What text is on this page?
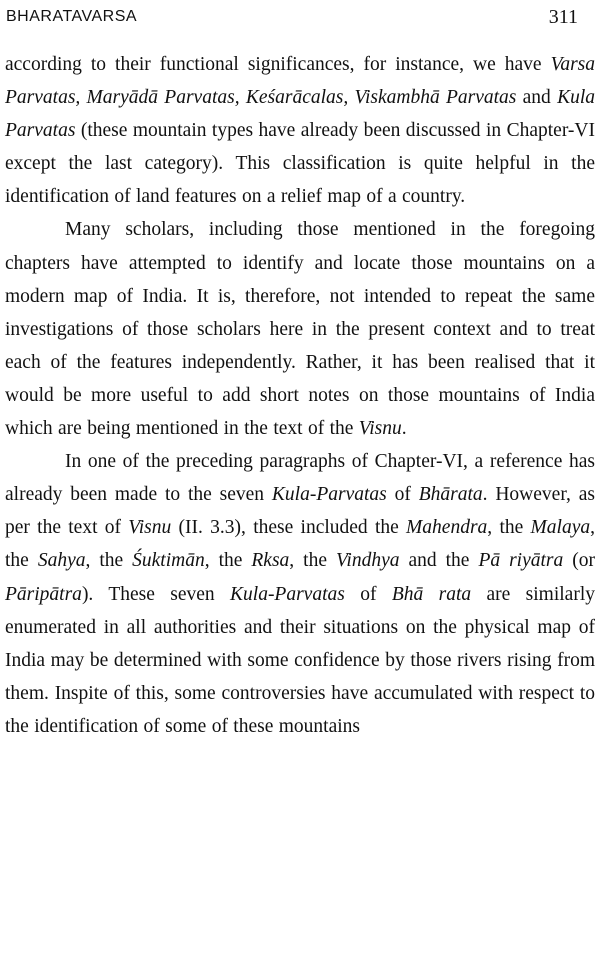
BHARATAVARSA	311

according to their functional significances, for instance, we have Varsa Parvatas, Maryādā Parvatas, Keśarācalas, Viskambhā Parvatas and Kula Parvatas (these mountain types have already been discussed in Chapter-VI except the last category). This classification is quite helpful in the identification of land features on a relief map of a country.

Many scholars, including those mentioned in the foregoing chapters have attempted to identify and locate those mountains on a modern map of India. It is, therefore, not intended to repeat the same investigations of those scholars here in the present context and to treat each of the features independently. Rather, it has been realised that it would be more useful to add short notes on those mountains of India which are being mentioned in the text of the Visnu.

In one of the preceding paragraphs of Chapter-VI, a reference has already been made to the seven Kula-Parvatas of Bhārata. However, as per the text of Visnu (II. 3.3), these included the Mahendra, the Malaya, the Sahya, the Śuktimān, the Rksa, the Vindhya and the Pā riyātra (or Pāripātra). These seven Kula-Parvatas of Bhā rata are similarly enumerated in all authorities and their situations on the physical map of India may be determined with some confidence by those rivers rising from them. Inspite of this, some controversies have accumulated with respect to the identification of some of these mountains
